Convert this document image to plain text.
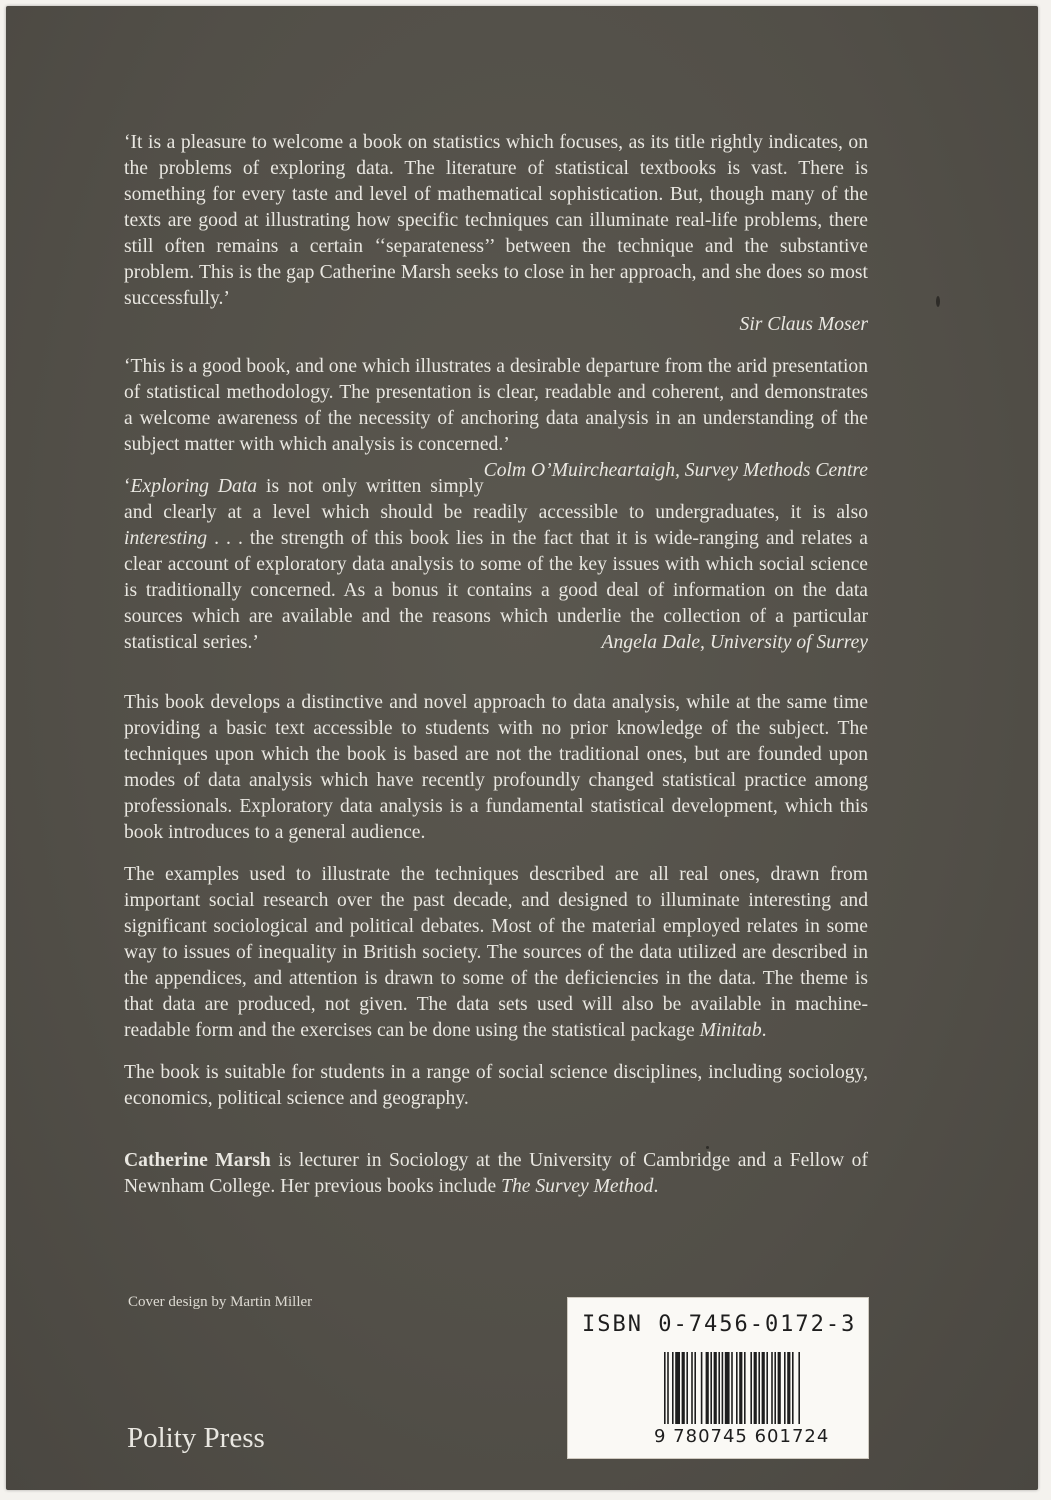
‘It is a pleasure to welcome a book on statistics which focuses, as its title rightly indicates, on the problems of exploring data. The literature of statistical textbooks is vast. There is something for every taste and level of mathematical sophistication. But, though many of the texts are good at illustrating how specific techniques can illuminate real-life problems, there still often remains a certain ‘‘separateness’’ between the technique and the substantive problem. This is the gap Catherine Marsh seeks to close in her approach, and she does so most successfully.’

Sir Claus Moser

‘This is a good book, and one which illustrates a desirable departure from the arid presentation of statistical methodology. The presentation is clear, readable and coherent, and demonstrates a welcome awareness of the necessity of anchoring data analysis in an understanding of the subject matter with which analysis is concerned.’
Colm O’Muircheartaigh, Survey Methods Centre

‘Exploring Data is not only written simply and clearly at a level which should be readily accessible to undergraduates, it is also interesting . . . the strength of this book lies in the fact that it is wide-ranging and relates a clear account of exploratory data analysis to some of the key issues with which social science is traditionally concerned. As a bonus it contains a good deal of information on the data sources which are available and the reasons which underlie the collection of a particular statistical series.’	Angela Dale, University of Surrey

This book develops a distinctive and novel approach to data analysis, while at the same time providing a basic text accessible to students with no prior knowledge of the subject. The techniques upon which the book is based are not the traditional ones, but are founded upon modes of data analysis which have recently profoundly changed statistical practice among professionals. Exploratory data analysis is a fundamental statistical development, which this book introduces to a general audience.

The examples used to illustrate the techniques described are all real ones, drawn from important social research over the past decade, and designed to illuminate interesting and significant sociological and political debates. Most of the material employed relates in some way to issues of inequality in British society. The sources of the data utilized are described in the appendices, and attention is drawn to some of the deficiencies in the data. The theme is that data are produced, not given. The data sets used will also be available in machine-readable form and the exercises can be done using the statistical package Minitab.

The book is suitable for students in a range of social science disciplines, including sociology, economics, political science and geography.

Catherine Marsh is lecturer in Sociology at the University of Cambridge and a Fellow of Newnham College. Her previous books include The Survey Method.

Cover design by Martin Miller
Polity Press
ISBN 0-7456-0172-3
9 780745 601724
